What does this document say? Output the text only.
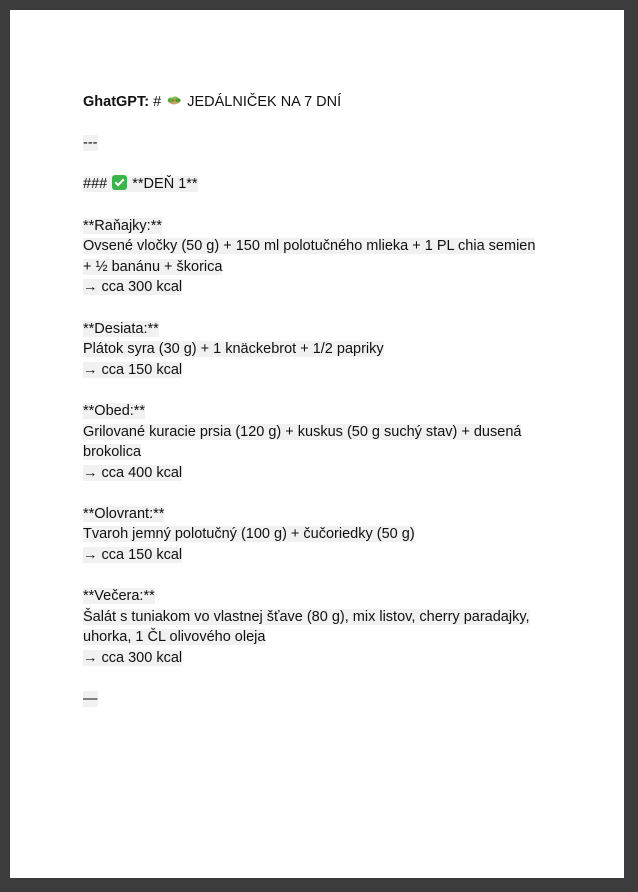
GhatGPT: # JEDÁLNIČEK NA 7 DNÍ
---
### **DEŇ 1**
**Raňajky:**
Ovsené vločky (50 g) + 150 ml polotučného mlieka + 1 PL chia semien
+ ½ banánu + škorica
→ cca 300 kcal
**Desiata:**
Plátok syra (30 g) + 1 knäckebrot + 1/2 papriky
→ cca 150 kcal
**Obed:**
Grilované kuracie prsia (120 g) + kuskus (50 g suchý stav) + dusená
brokolica
→ cca 400 kcal
**Olovrant:**
Tvaroh jemný polotučný (100 g) + čučoriedky (50 g)
→ cca 150 kcal
**Večera:**
Šalát s tuniakom vo vlastnej šťave (80 g), mix listov, cherry paradajky,
uhorka, 1 ČL olivového oleja
→ cca 300 kcal
—
